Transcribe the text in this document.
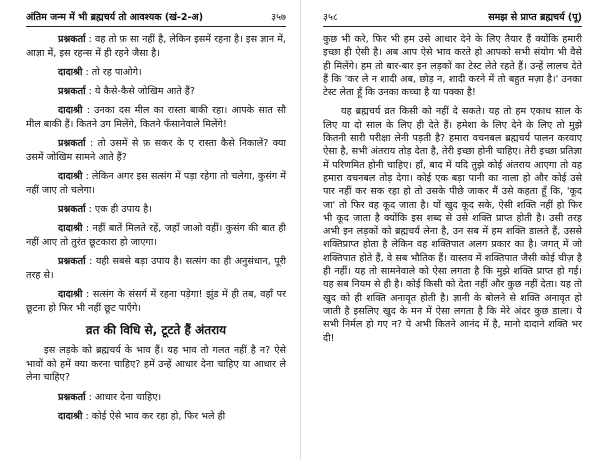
अंतिम जन्म में भी ब्रह्मचर्य तो आवश्यक (खं-2-अ)	३५७

प्रश्नकर्ता : वह तो फ़ सा नहीं है, लेकिन इसमें रहना है। इस ज्ञान में, आज्ञा में, इस रहन्स में ही रहने जैसा है।

दादाश्री : तो रह पाओगे।

प्रश्नकर्ता : ये कैसे-कैसे जोखिम आते हैं?

दादाश्री : उनका दस मील का रास्ता बाकी रहा। आपके सात सौ मील बाकी हैं। कितने उग मिलेंगे, कितने फँसानेवाले मिलेंगे!

प्रश्नकर्ता : तो उसमें से फ़ सकर के ए रास्ता कैसे निकालें? क्या उसमें जोखिम सामने आते हैं?

दादाश्री : लेकिन अगर इस सत्संग में पड़ा रहेगा तो चलेगा, कुसंग में नहीं जाए तो चलेगा।

प्रश्नकर्ता : एक ही उपाय है।

दादाश्री : नहीं बातें मिलते रहें, जहाँ जाओ वहीं। कुसंग की बात ही नहीं आए तो तुरंत छूटकारा हो जाएगा।

प्रश्नकर्ता : यही सबसे बड़ा उपाय है। सत्संग का ही अनुसंधान, पूरी तरह से।

दादाश्री : सत्संग के संसर्ग में रहना पड़ेगा! झुंड में ही तब, वहाँ पर छूटना हो फिर भी नहीं छूट पाएँगे।

व्रत की विधि से, टूटते हैं अंतराय

इस लड़के को ब्रह्मचर्य के भाव हैं। यह भाव तो गलत नहीं है न? ऐसे भावों को हमें क्या करना चाहिए? हमें उन्हें आधार देना चाहिए या आधार ले लेना चाहिए?

प्रश्नकर्ता : आधार देना चाहिए।

दादाश्री : कोई ऐसे भाव कर रहा हो, फिर भले ही

३५८	समझ से प्राप्त ब्रह्मचर्य (पू)

कुछ भी करे, फिर भी हम उसे आधार देने के लिए तैयार हैं क्योंकि हमारी इच्छा ही ऐसी है। अब आप ऐसे भाव करते हो आपको सभी संयोग भी वैसे ही मिलेंगे। हम तो बार-बार इन लड़कों का टेस्ट लेते रहते हैं। उन्हें लालच देते हैं कि 'कर ले न शादी अब, छोड़ न, शादी करने में तो बहुत मज़ा है।' उनका टेस्ट लेता हूँ कि उनका कच्चा है या पक्का है!

यह ब्रह्मचर्य व्रत किसी को नहीं दे सकते। यह तो हम एकाध साल के लिए या दो साल के लिए ही देते हैं। हमेशा के लिए देने के लिए तो मुझे कितनी सारी परीक्षा लेनी पड़ती है? हमारा वचनबल ब्रह्मचर्य पालन करवाए ऐसा है, सभी अंतराय तोड़ देता है, तेरी इच्छा होनी चाहिए। तेरी इच्छा प्रतिज्ञा में परिणमित होनी चाहिए। हाँ, बाद में यदि तुझे कोई अंतराय आएगा तो वह हमारा वचनबल तोड़ देगा। कोई एक बड़ा पानी का नाला हो और कोई उसे पार नहीं कर सक रहा हो तो उसके पीछे जाकर मैं उसे कहता हूँ कि, 'कूद जा' तो फिर वह कूद जाता है। यों खुद कूद सके, ऐसी शक्ति नहीं हो फिर भी कूद जाता है क्योंकि इस शब्द से उसे शक्ति प्राप्त होती है। उसी तरह अभी इन लड़कों को ब्रह्मचर्य लेना है, उन सब में हम शक्ति डालते हैं, उससे शक्तिप्राप्त होता है लेकिन वह शक्तिपात अलग प्रकार का है। जगत् में जो शक्तिपात होते हैं, वे सब भौतिक हैं। वास्तव में शक्तिपात जैसी कोई चीज़ है ही नहीं। यह तो सामनेवाले को ऐसा लगता है कि मुझे शक्ति प्राप्त हो गई। यह सब नियम से ही है। कोई किसी को देता नहीं और कुछ नहीं देता। यह तो खुद को ही शक्ति अनावृत होती है। ज्ञानी के बोलने से शक्ति अनावृत हो जाती है इसलिए खुद के मन में ऐसा लगता है कि मेरे अंदर कुछ डाला। ये सभी निर्मल हो गए न? ये अभी कितने आनंद में है, मानो दादाने शक्ति भर दी!
